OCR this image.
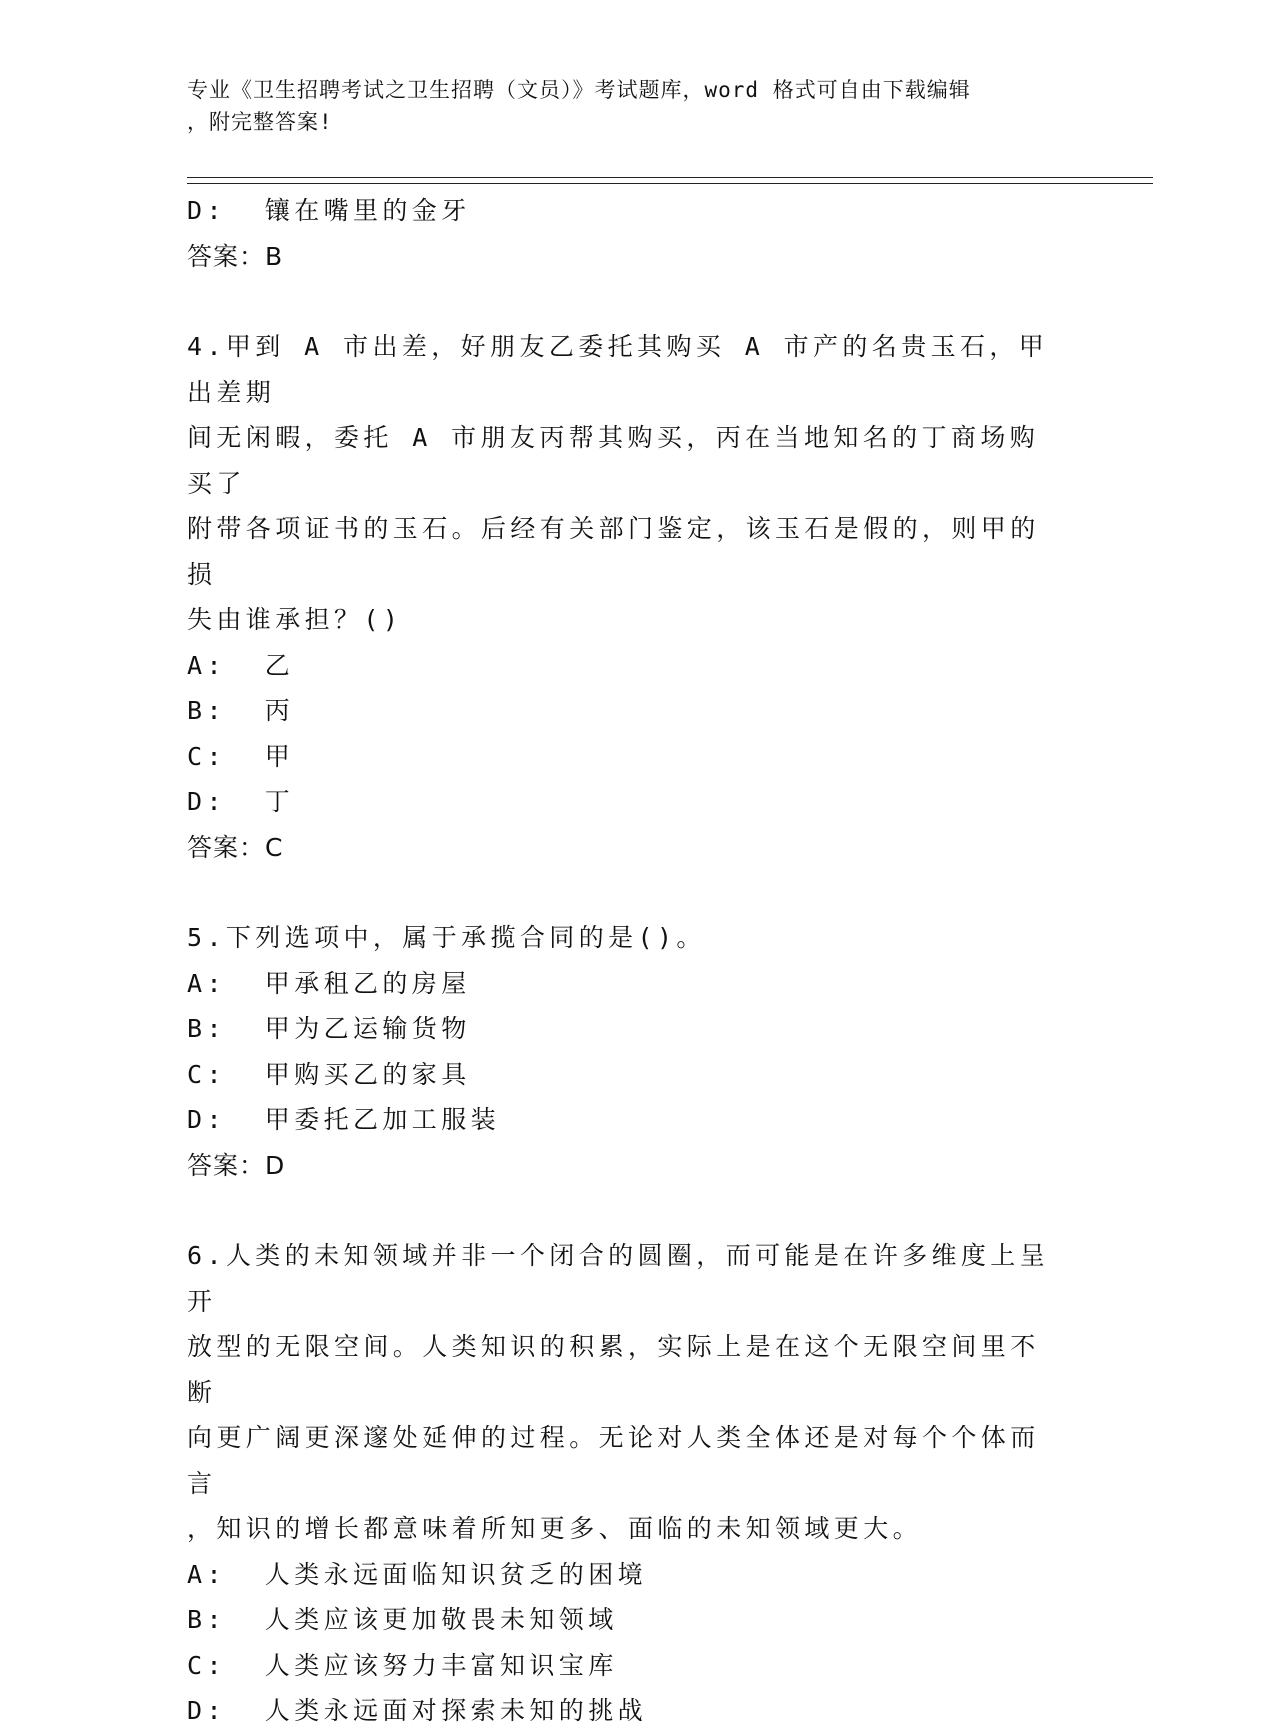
专业《卫生招聘考试之卫生招聘（文员）》考试题库，word 格式可自由下载编辑
，附完整答案!
D:  镶在嘴里的金牙
答案：B
4.甲到 A 市出差，好朋友乙委托其购买 A 市产的名贵玉石，甲出差期
间无闲暇，委托 A 市朋友丙帮其购买，丙在当地知名的丁商场购买了
附带各项证书的玉石。后经有关部门鉴定，该玉石是假的，则甲的损
失由谁承担？()
A:  乙
B:  丙
C:  甲
D:  丁
答案：C
5.下列选项中，属于承揽合同的是()。
A:  甲承租乙的房屋
B:  甲为乙运输货物
C:  甲购买乙的家具
D:  甲委托乙加工服装
答案：D
6.人类的未知领域并非一个闭合的圆圈，而可能是在许多维度上呈开
放型的无限空间。人类知识的积累，实际上是在这个无限空间里不断
向更广阔更深邃处延伸的过程。无论对人类全体还是对每个个体而言
，知识的增长都意味着所知更多、面临的未知领域更大。
A:  人类永远面临知识贫乏的困境
B:  人类应该更加敬畏未知领域
C:  人类应该努力丰富知识宝库
D:  人类永远面对探索未知的挑战
